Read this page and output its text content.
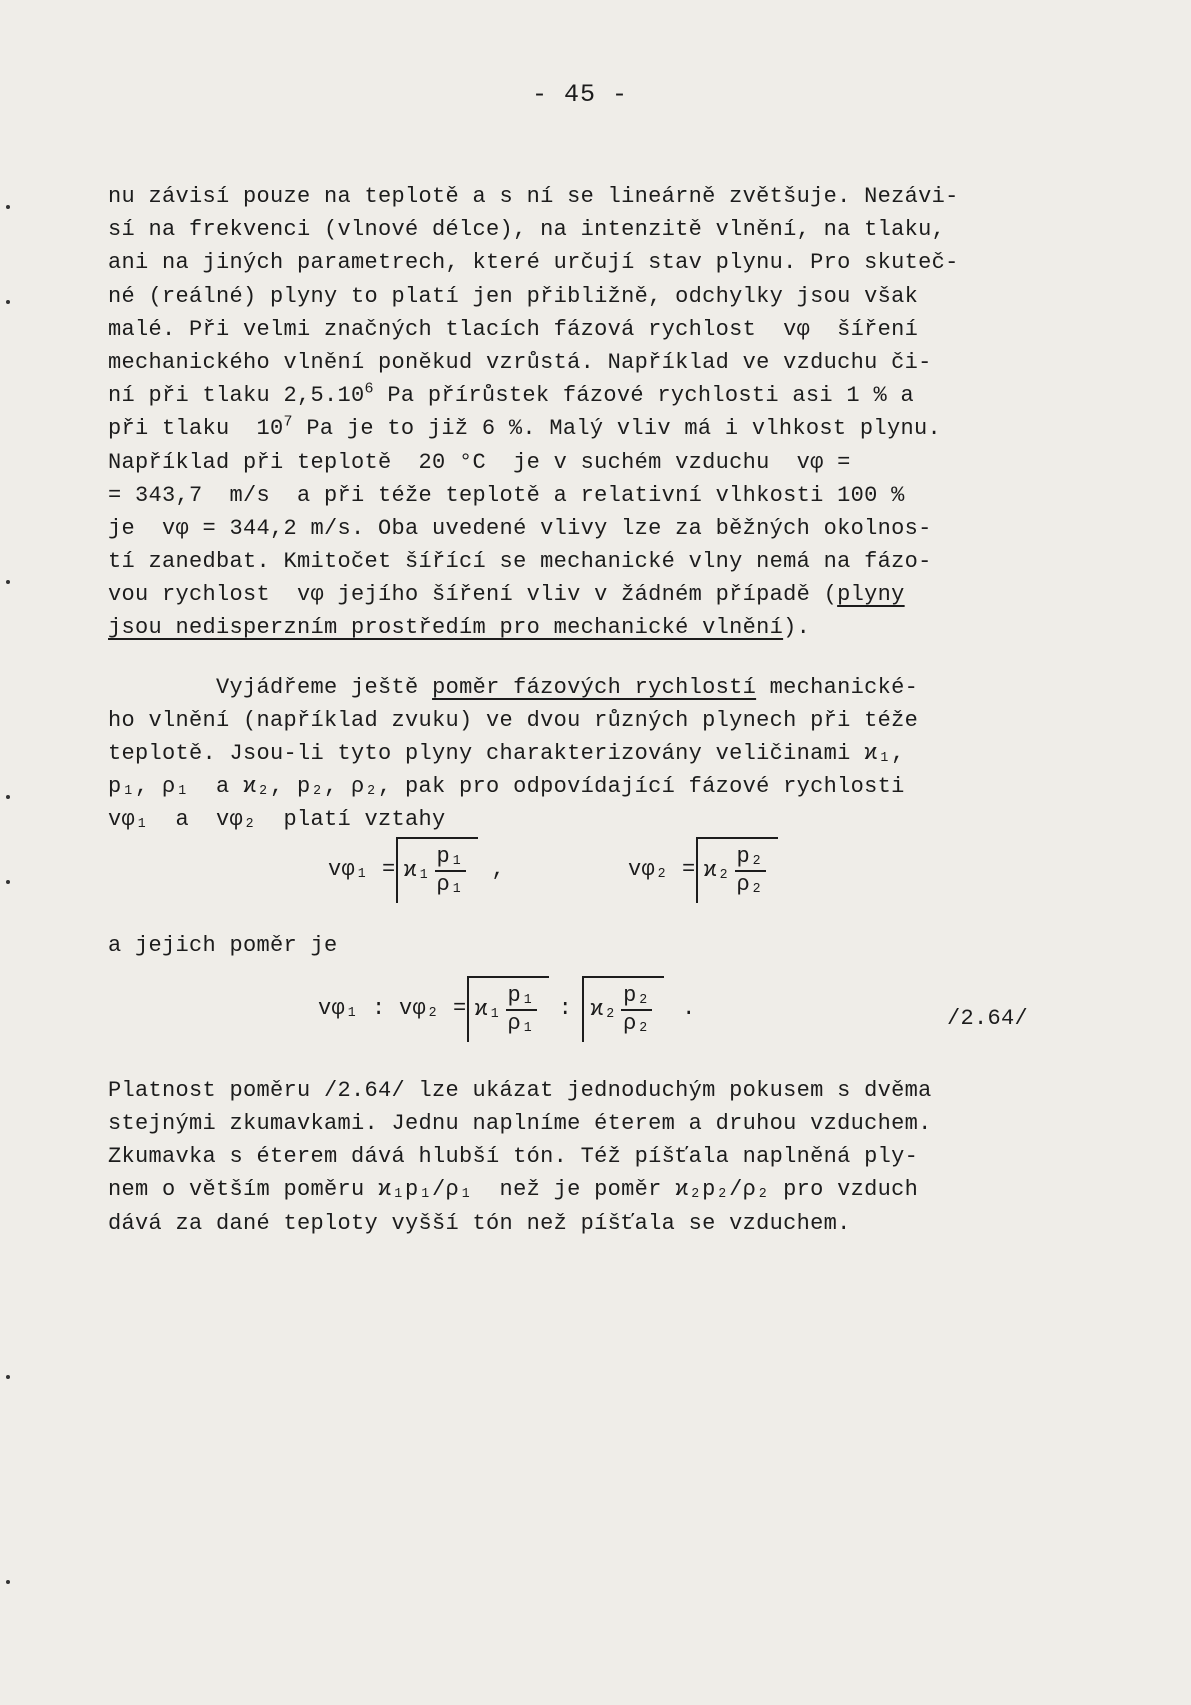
- 45 -
nu závisí pouze na teplotě a s ní se lineárně zvětšuje. Nezávi-
sí na frekvenci (vlnové délce), na intenzitě vlnění, na tlaku,
ani na jiných parametrech, které určují stav plynu. Pro skuteč-
né (reálné) plyny to platí jen přibližně, odchylky jsou však
malé. Při velmi značných tlacích fázová rychlost  vφ  šíření
mechanického vlnění poněkud vzrůstá. Například ve vzduchu či-
ní při tlaku 2,5.10$^6$ Pa přírůstek fázové rychlosti asi 1 % a
při tlaku  $10^7$ Pa je to již 6 %. Malý vliv má i vlhkost plynu.
Například při teplotě  20 °C  je v suchém vzduchu  vφ =
= 343,7  m/s  a při téže teplotě a relativní vlhkosti 100 %
je  vφ = 344,2 m/s. Oba uvedené vlivy lze za běžných okolnos-
tí zanedbat. Kmitočet šířící se mechanické vlny nemá na fázo-
vou rychlost  vφ jejího šíření vliv v žádném případě (plyny
jsou nedisperzním prostředím pro mechanické vlnění).
Vyjádřeme ještě poměr fázových rychlostí mechanické-
ho vlnění (například zvuku) ve dvou různých plynech při téže
teplotě. Jsou-li tyto plyny charakterizovány veličinami ϰ₁,
p₁, ρ₁  a ϰ₂, p₂, ρ₂, pak pro odpovídající fázové rychlosti
vφ₁  a  vφ₂  platí vztahy
$v\varphi_1 = ϰ_1 \frac{\text{p₁}}{\text{ρ₁}}$ ,	$v\varphi_2 = ϰ_2 \frac{\text{p₂}}{\text{ρ₂}}$
a jejich poměr je
vφ₁ : $v\varphi_2 = ϰ_1 \frac{\text{p₁}}{\text{ρ₁}}$ : $ϰ_2 \frac{\text{p₂}}{\text{ρ₂}}$ .	/2.64/
Platnost poměru /2.64/ lze ukázat jednoduchým pokusem s dvěma
stejnými zkumavkami. Jednu naplníme éterem a druhou vzduchem.
Zkumavka s éterem dává hlubší tón. Též píšťala naplněná ply-
nem o větším poměru ϰ₁p₁/ρ₁  než je poměr ϰ₂p₂/ρ₂ pro vzduch
dává za dané teploty vyšší tón než píšťala se vzduchem.
